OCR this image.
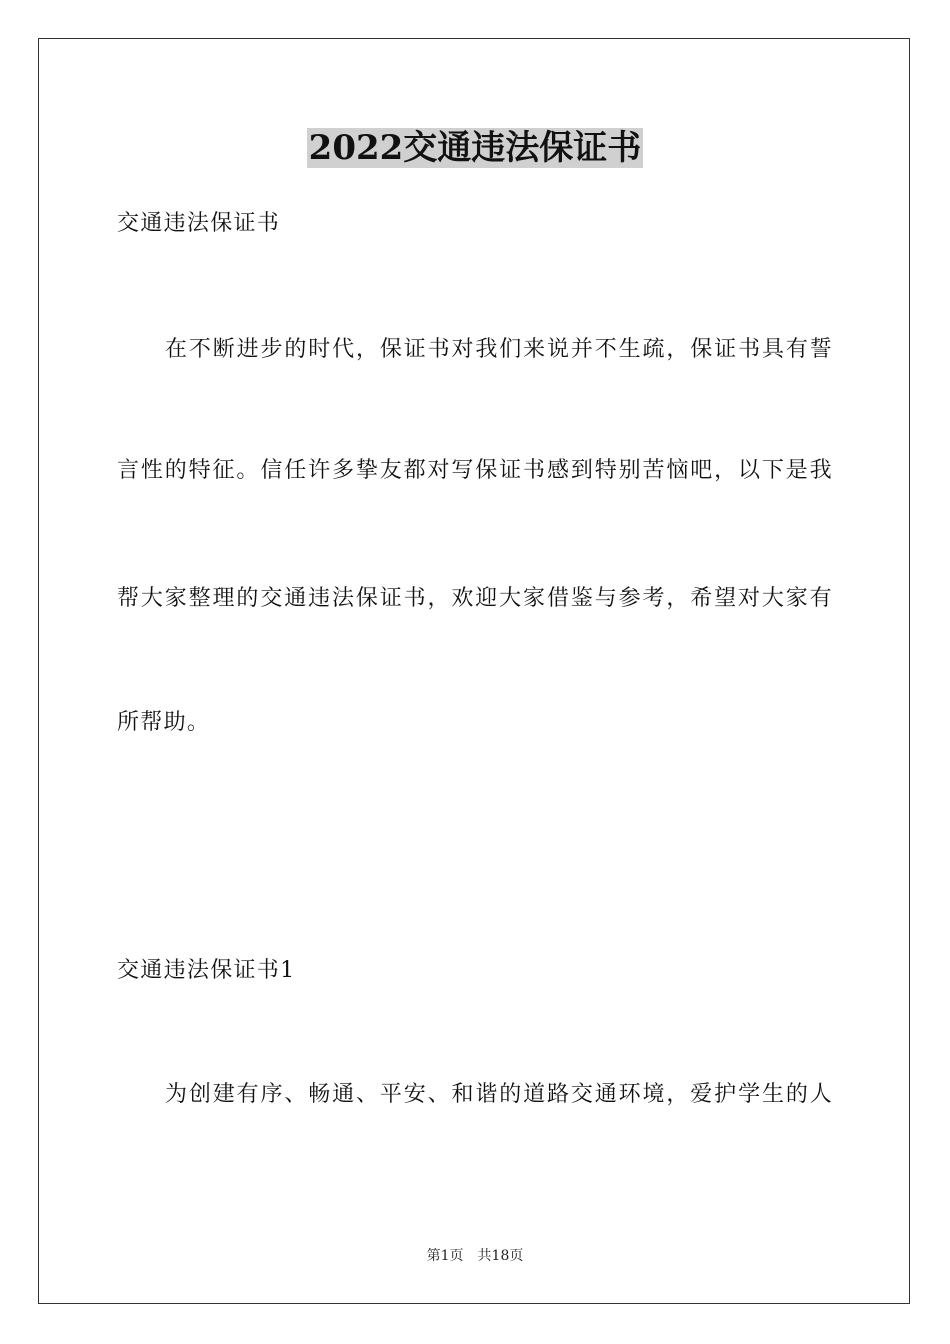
2022交通违法保证书
交通违法保证书
在不断进步的时代，保证书对我们来说并不生疏，保证书具有誓
言性的特征。信任许多挚友都对写保证书感到特别苦恼吧，以下是我
帮大家整理的交通违法保证书，欢迎大家借鉴与参考，希望对大家有
所帮助。
交通违法保证书1
为创建有序、畅通、平安、和谐的道路交通环境，爱护学生的人
第1页　共18页
